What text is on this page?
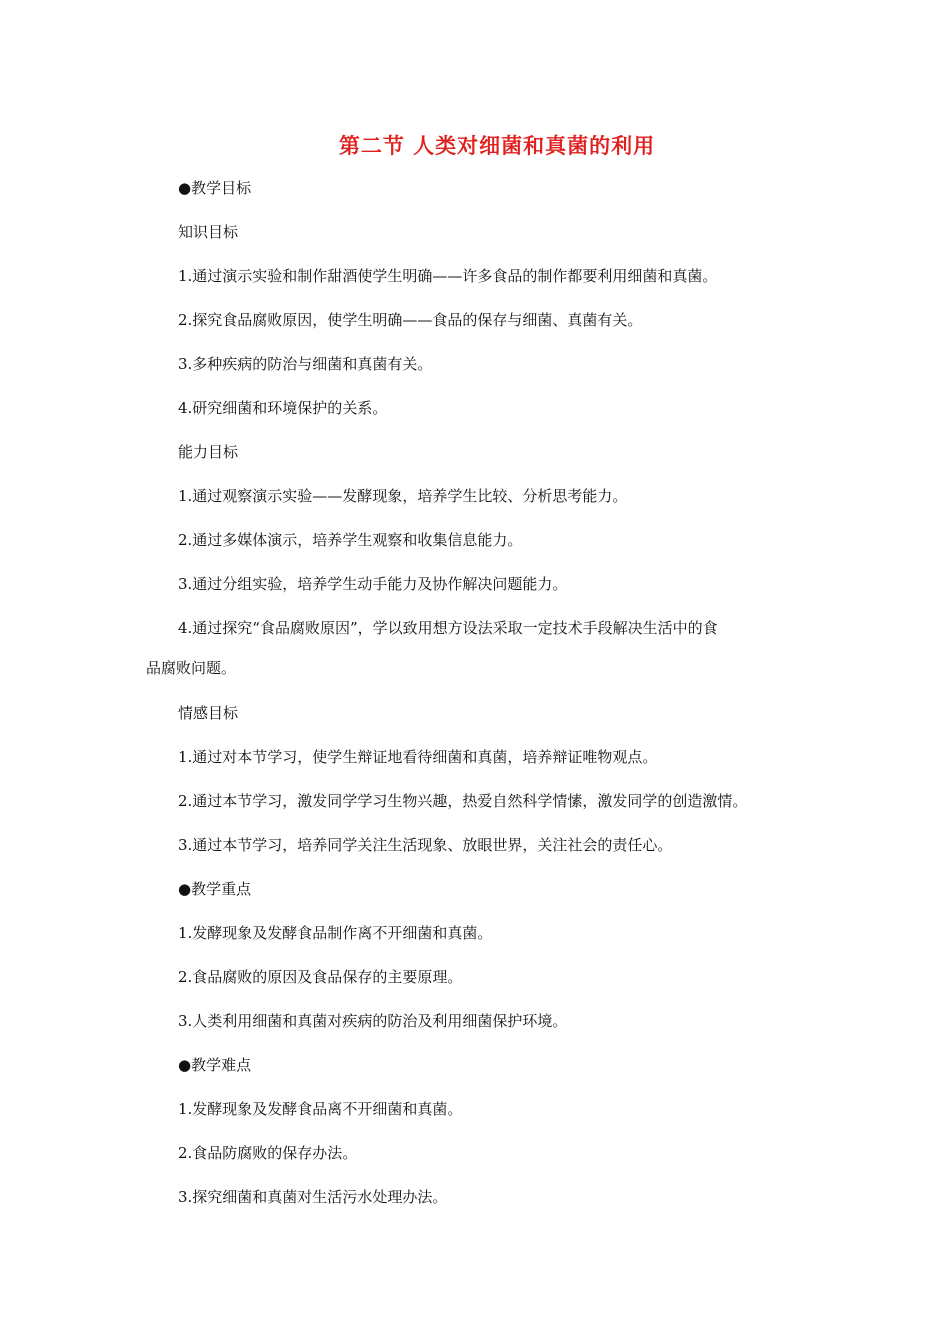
第二节 人类对细菌和真菌的利用
●教学目标
知识目标
1.通过演示实验和制作甜酒使学生明确——许多食品的制作都要利用细菌和真菌。
2.探究食品腐败原因，使学生明确——食品的保存与细菌、真菌有关。
3.多种疾病的防治与细菌和真菌有关。
4.研究细菌和环境保护的关系。
能力目标
1.通过观察演示实验——发酵现象，培养学生比较、分析思考能力。
2.通过多媒体演示，培养学生观察和收集信息能力。
3.通过分组实验，培养学生动手能力及协作解决问题能力。
4.通过探究“食品腐败原因”，学以致用想方设法采取一定技术手段解决生活中的食
品腐败问题。
情感目标
1.通过对本节学习，使学生辩证地看待细菌和真菌，培养辩证唯物观点。
2.通过本节学习，激发同学学习生物兴趣，热爱自然科学情愫，激发同学的创造激情。
3.通过本节学习，培养同学关注生活现象、放眼世界，关注社会的责任心。
●教学重点
1.发酵现象及发酵食品制作离不开细菌和真菌。
2.食品腐败的原因及食品保存的主要原理。
3.人类利用细菌和真菌对疾病的防治及利用细菌保护环境。
●教学难点
1.发酵现象及发酵食品离不开细菌和真菌。
2.食品防腐败的保存办法。
3.探究细菌和真菌对生活污水处理办法。
